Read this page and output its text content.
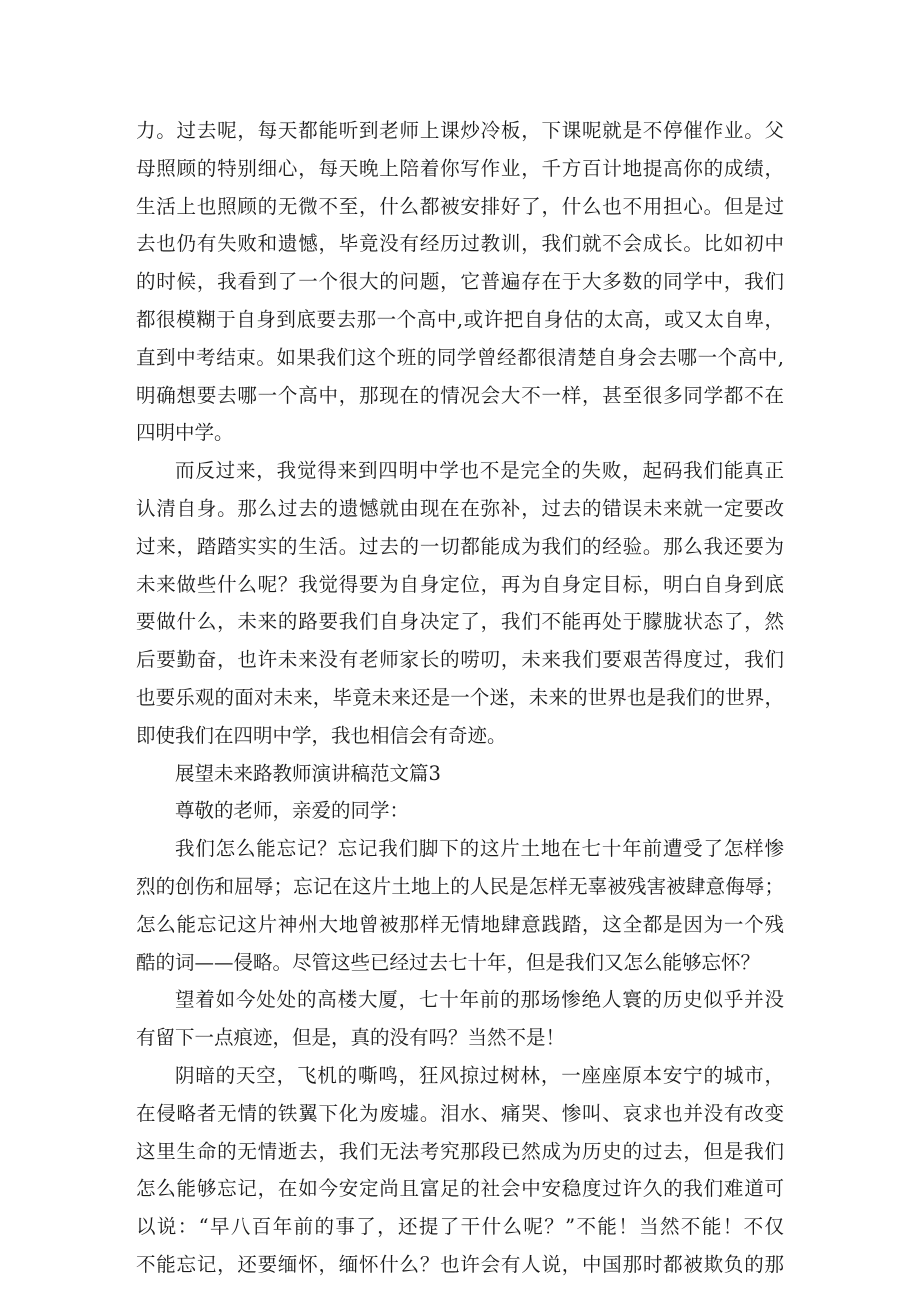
力。过去呢，每天都能听到老师上课炒冷板，下课呢就是不停催作业。父
母照顾的特别细心，每天晚上陪着你写作业，千方百计地提高你的成绩，
生活上也照顾的无微不至，什么都被安排好了，什么也不用担心。但是过
去也仍有失败和遗憾，毕竟没有经历过教训，我们就不会成长。比如初中
的时候，我看到了一个很大的问题，它普遍存在于大多数的同学中，我们
都很模糊于自身到底要去那一个高中,或许把自身估的太高，或又太自卑，
直到中考结束。如果我们这个班的同学曾经都很清楚自身会去哪一个高中,
明确想要去哪一个高中，那现在的情况会大不一样，甚至很多同学都不在
四明中学。
而反过来，我觉得来到四明中学也不是完全的失败，起码我们能真正
认清自身。那么过去的遗憾就由现在在弥补，过去的错误未来就一定要改
过来，踏踏实实的生活。过去的一切都能成为我们的经验。那么我还要为
未来做些什么呢？我觉得要为自身定位，再为自身定目标，明白自身到底
要做什么，未来的路要我们自身决定了，我们不能再处于朦胧状态了，然
后要勤奋，也许未来没有老师家长的唠叨，未来我们要艰苦得度过，我们
也要乐观的面对未来，毕竟未来还是一个迷，未来的世界也是我们的世界，
即使我们在四明中学，我也相信会有奇迹。
展望未来路教师演讲稿范文篇3
尊敬的老师，亲爱的同学：
我们怎么能忘记？忘记我们脚下的这片土地在七十年前遭受了怎样惨
烈的创伤和屈辱；忘记在这片土地上的人民是怎样无辜被残害被肆意侮辱；
怎么能忘记这片神州大地曾被那样无情地肆意践踏，这全都是因为一个残
酷的词——侵略。尽管这些已经过去七十年，但是我们又怎么能够忘怀？
望着如今处处的高楼大厦，七十年前的那场惨绝人寰的历史似乎并没
有留下一点痕迹，但是，真的没有吗？当然不是！
阴暗的天空，飞机的嘶鸣，狂风掠过树林，一座座原本安宁的城市，
在侵略者无情的铁翼下化为废墟。泪水、痛哭、惨叫、哀求也并没有改变
这里生命的无情逝去，我们无法考究那段已然成为历史的过去，但是我们
怎么能够忘记，在如今安定尚且富足的社会中安稳度过许久的我们难道可
以说：“早八百年前的事了，还提了干什么呢？”不能！当然不能！不仅
不能忘记，还要缅怀，缅怀什么？也许会有人说，中国那时都被欺负的那
